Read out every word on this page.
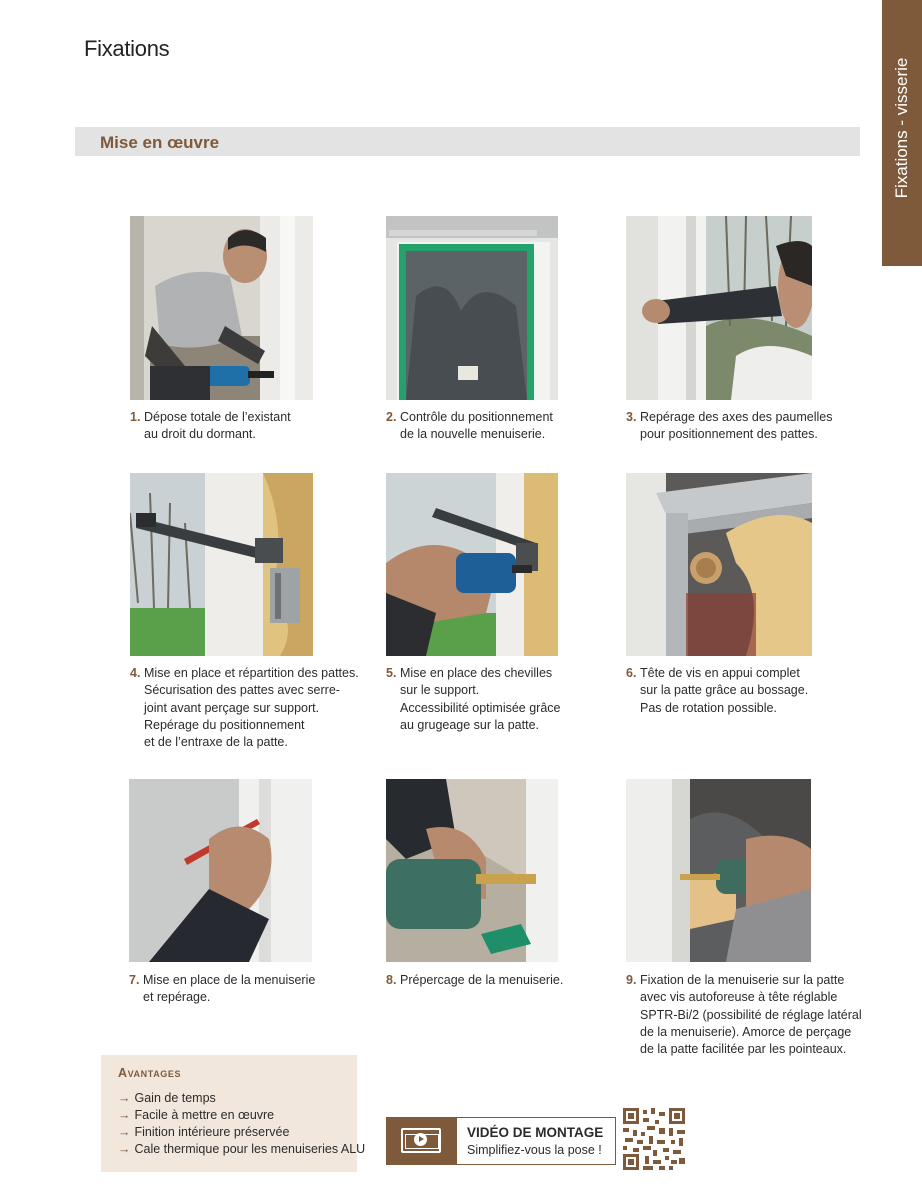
Fixations
Fixations - visserie
Mise en œuvre
1. Dépose totale de l’existant
au droit du dormant.
2. Contrôle du positionnement
de la nouvelle menuiserie.
3. Repérage des axes des paumelles
pour positionnement des pattes.
4. Mise en place et répartition des pattes.
Sécurisation des pattes avec serre-
joint avant perçage sur support.
Repérage du positionnement
et de l’entraxe de la patte.
5. Mise en place des chevilles
sur le support.
Accessibilité optimisée grâce
au grugeage sur la patte.
6. Tête de vis en appui complet
sur la patte grâce au bossage.
Pas de rotation possible.
7. Mise en place de la menuiserie
et repérage.
8. Prépercage de la menuiserie.	9. Fixation de la menuiserie sur la patte
avec vis autoforeuse à tête réglable
SPTR-Bi/2 (possibilité de réglage latéral
de la menuiserie). Amorce de perçage
de la patte facilitée par les pointeaux.
Avantages
→ Gain de temps
→ Facile à mettre en œuvre
→ Finition intérieure préservée
→ Cale thermique pour les menuiseries ALU
VIDÉO DE MONTAGE
Simplifiez-vous la pose !
